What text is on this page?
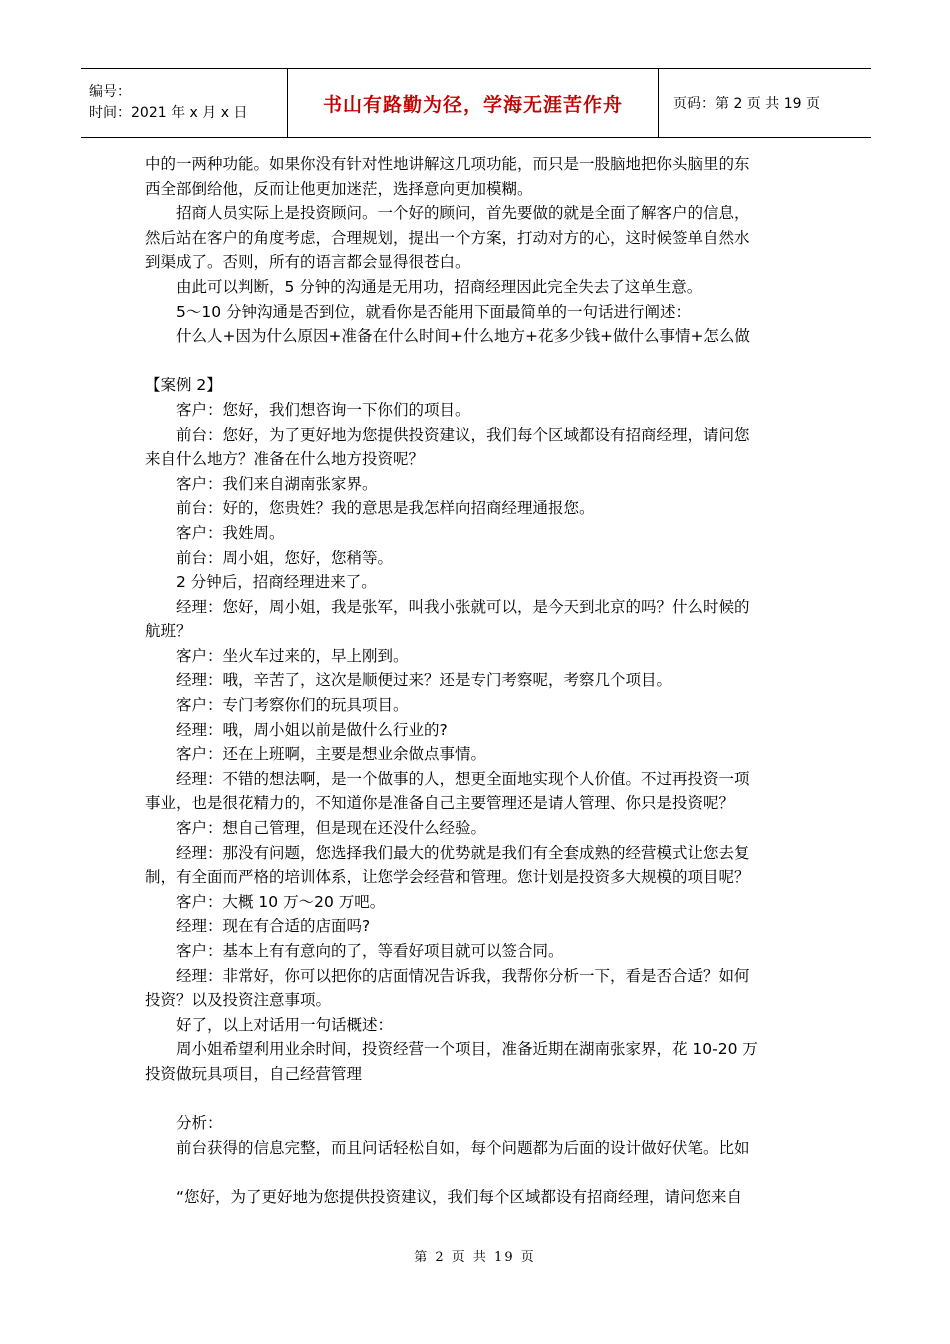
编号：
时间：2021 年 x 月 x 日	书山有路勤为径，学海无涯苦作舟	页码：第 2 页 共 19 页

中的一两种功能。如果你没有针对性地讲解这几项功能，而只是一股脑地把你头脑里的东

西全部倒给他，反而让他更加迷茫，选择意向更加模糊。

招商人员实际上是投资顾问。一个好的顾问，首先要做的就是全面了解客户的信息，

然后站在客户的角度考虑，合理规划，提出一个方案，打动对方的心，这时候签单自然水

到渠成了。否则，所有的语言都会显得很苍白。

由此可以判断，5 分钟的沟通是无用功，招商经理因此完全失去了这单生意。

5～10 分钟沟通是否到位，就看你是否能用下面最简单的一句话进行阐述：

什么人+因为什么原因+准备在什么时间+什么地方+花多少钱+做什么事情+怎么做

【案例 2】

客户：您好，我们想咨询一下你们的项目。

前台：您好，为了更好地为您提供投资建议，我们每个区域都设有招商经理，请问您

来自什么地方？准备在什么地方投资呢？

客户：我们来自湖南张家界。

前台：好的，您贵姓？我的意思是我怎样向招商经理通报您。

客户：我姓周。

前台：周小姐，您好，您稍等。

2 分钟后，招商经理进来了。

经理：您好，周小姐，我是张军，叫我小张就可以，是今天到北京的吗？什么时候的

航班？

客户：坐火车过来的，早上刚到。

经理：哦，辛苦了，这次是顺便过来？还是专门考察呢，考察几个项目。

客户：专门考察你们的玩具项目。

经理：哦，周小姐以前是做什么行业的?

客户：还在上班啊，主要是想业余做点事情。

经理：不错的想法啊，是一个做事的人，想更全面地实现个人价值。不过再投资一项

事业，也是很花精力的，不知道你是准备自己主要管理还是请人管理、你只是投资呢？

客户：想自己管理，但是现在还没什么经验。

经理：那没有问题，您选择我们最大的优势就是我们有全套成熟的经营模式让您去复

制，有全面而严格的培训体系，让您学会经营和管理。您计划是投资多大规模的项目呢？

客户：大概 10 万～20 万吧。

经理：现在有合适的店面吗?

客户：基本上有有意向的了，等看好项目就可以签合同。

经理：非常好，你可以把你的店面情况告诉我，我帮你分析一下，看是否合适？如何

投资？以及投资注意事项。

好了，以上对话用一句话概述：

周小姐希望利用业余时间，投资经营一个项目，准备近期在湖南张家界，花 10-20 万

投资做玩具项目，自己经营管理

分析：

前台获得的信息完整，而且问话轻松自如，每个问题都为后面的设计做好伏笔。比如

“您好，为了更好地为您提供投资建议，我们每个区域都设有招商经理，请问您来自

第 2 页 共 19 页
